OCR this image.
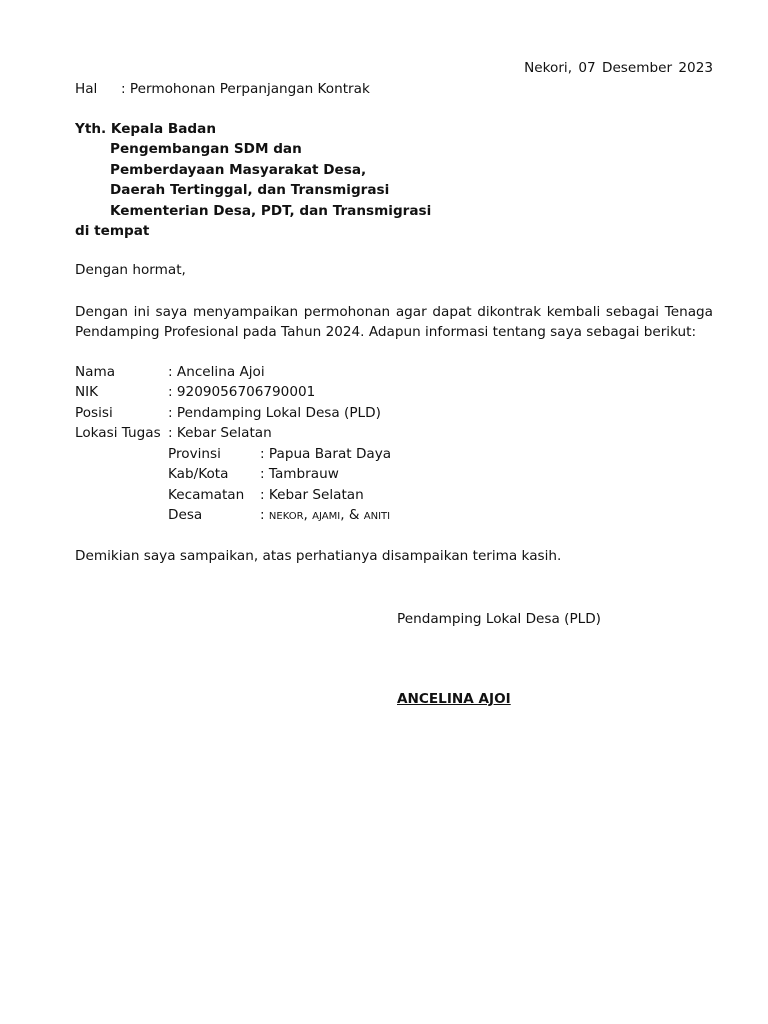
Nekori, 07 Desember 2023
Hal : Permohonan Perpanjangan Kontrak
Yth. Kepala Badan
Pengembangan SDM dan
Pemberdayaan Masyarakat Desa,
Daerah Tertinggal, dan Transmigrasi
Kementerian Desa, PDT, dan Transmigrasi
di tempat
Dengan hormat,
Dengan ini saya menyampaikan permohonan agar dapat dikontrak kembali sebagai Tenaga Pendamping Profesional pada Tahun 2024. Adapun informasi tentang saya sebagai berikut:
Nama	: Ancelina Ajoi
NIK	: 9209056706790001
Posisi	: Pendamping Lokal Desa (PLD)
Lokasi Tugas : Kebar Selatan
Provinsi	: Papua Barat Daya
Kab/Kota : Tambrauw
Kecamatan : Kebar Selatan
Desa	: nekor, ajami, & aniti
Demikian saya sampaikan, atas perhatianya disampaikan terima kasih.
Pendamping Lokal Desa (PLD)
ANCELINA AJOI
